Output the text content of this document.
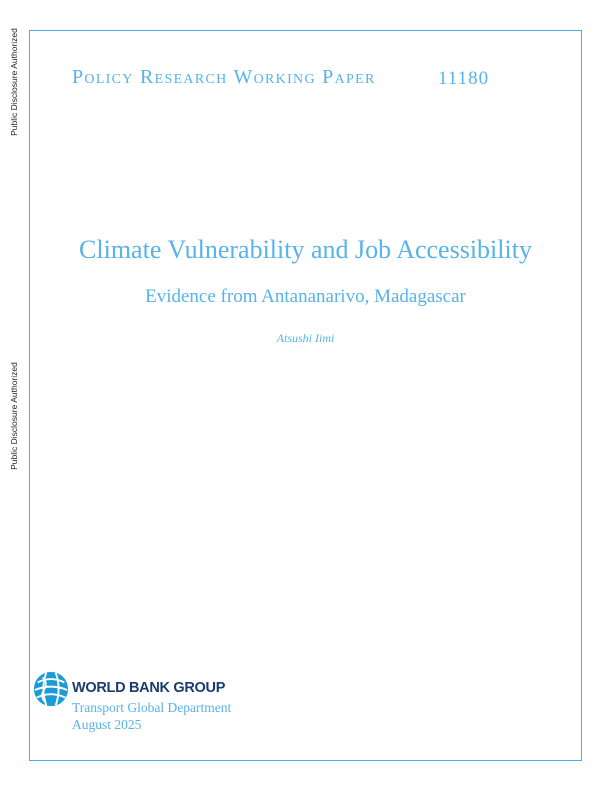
Public Disclosure Authorized
Public Disclosure Authorized
Policy Research Working Paper	11180
Climate Vulnerability and Job Accessibility
Evidence from Antananarivo, Madagascar
Atsushi Iimi
WORLD BANK GROUP
Transport Global Department
August 2025
